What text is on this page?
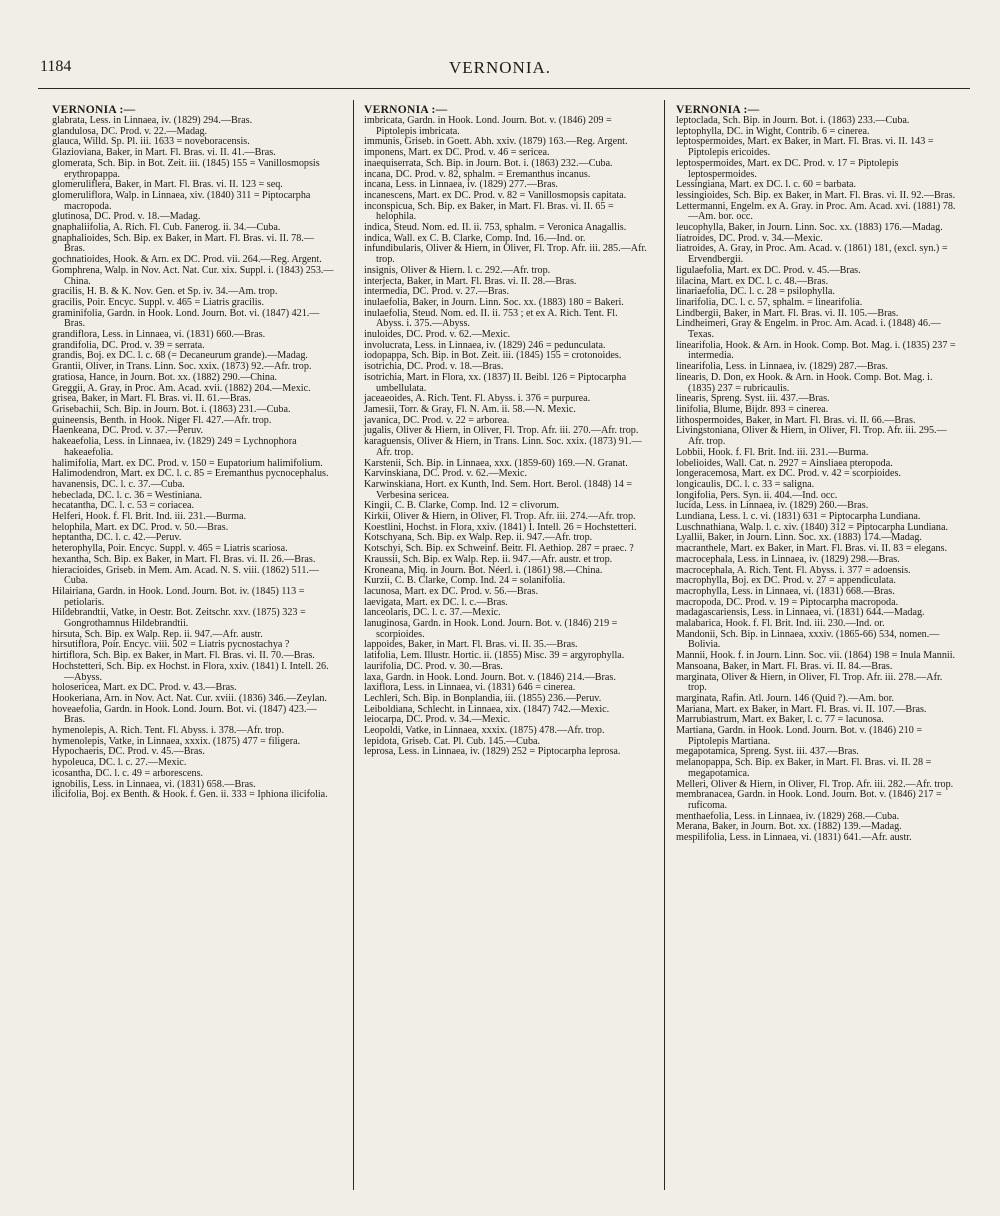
1184	VERNONIA.
VERNONIA :—

glabrata, Less. in Linnaea, iv. (1829) 294.—Bras.

glandulosa, DC. Prod. v. 22.—Madag.

glauca, Willd. Sp. Pl. iii. 1633 = noveboracensis.

Glazioviana, Baker, in Mart. Fl. Bras. vi. II. 41.—Bras.

glomerata, Sch. Bip. in Bot. Zeit. iii. (1845) 155 = Vanillosmopsis erythropappa.

glomeruliflera, Baker, in Mart. Fl. Bras. vi. II. 123 = seq.

glomeruliflora, Walp. in Linnaea, xiv. (1840) 311 = Piptocarpha macropoda.

glutinosa, DC. Prod. v. 18.—Madag.

gnaphaliifolia, A. Rich. Fl. Cub. Fanerog. ii. 34.—Cuba.

gnaphalioides, Sch. Bip. ex Baker, in Mart. Fl. Bras. vi. II. 78.—Bras.

gochnatioides, Hook. & Arn. ex DC. Prod. vii. 264.—Reg. Argent.

Gomphrena, Walp. in Nov. Act. Nat. Cur. xix. Suppl. i. (1843) 253.—China.

gracilis, H. B. & K. Nov. Gen. et Sp. iv. 34.—Am. trop.

gracilis, Poir. Encyc. Suppl. v. 465 = Liatris gracilis.

graminifolia, Gardn. in Hook. Lond. Journ. Bot. vi. (1847) 421.—Bras.

grandiflora, Less. in Linnaea, vi. (1831) 660.—Bras.

grandifolia, DC. Prod. v. 39 = serrata.

grandis, Boj. ex DC. l. c. 68 (= Decaneurum grande).—Madag.

Grantii, Oliver, in Trans. Linn. Soc. xxix. (1873) 92.—Afr. trop.

gratiosa, Hance, in Journ. Bot. xx. (1882) 290.—China.

Greggii, A. Gray, in Proc. Am. Acad. xvii. (1882) 204.—Mexic.

grisea, Baker, in Mart. Fl. Bras. vi. II. 61.—Bras.

Grisebachii, Sch. Bip. in Journ. Bot. i. (1863) 231.—Cuba.

guineensis, Benth. in Hook. Niger Fl. 427.—Afr. trop.

Haenkeana, DC. Prod. v. 37.—Peruv.

hakeaefolia, Less. in Linnaea, iv. (1829) 249 = Lychnophora hakeaefolia.

halimifolia, Mart. ex DC. Prod. v. 150 = Eupatorium halimifolium.

Halimodendron, Mart. ex DC. l. c. 85 = Eremanthus pycnocephalus.

havanensis, DC. l. c. 37.—Cuba.

hebeclada, DC. l. c. 36 = Westiniana.

hecatantha, DC. l. c. 53 = coriacea.

Helferi, Hook. f. Fl. Brit. Ind. iii. 231.—Burma.

helophila, Mart. ex DC. Prod. v. 50.—Bras.

heptantha, DC. l. c. 42.—Peruv.

heterophylla, Poir. Encyc. Suppl. v. 465 = Liatris scariosa.

hexantha, Sch. Bip. ex Baker, in Mart. Fl. Bras. vi. II. 26.—Bras.

hieracioides, Griseb. in Mem. Am. Acad. N. S. viii. (1862) 511.—Cuba.

Hilairiana, Gardn. in Hook. Lond. Journ. Bot. iv. (1845) 113 = petiolaris.

Hildebrandtii, Vatke, in Oestr. Bot. Zeitschr. xxv. (1875) 323 = Gongrothamnus Hildebrandtii.

hirsuta, Sch. Bip. ex Walp. Rep. ii. 947.—Afr. austr.

hirsutiflora, Poir. Encyc. viii. 502 = Liatris pycnostachya ?

hirtiflora, Sch. Bip. ex Baker, in Mart. Fl. Bras. vi. II. 70.—Bras.

Hochstetteri, Sch. Bip. ex Hochst. in Flora, xxiv. (1841) I. Intell. 26.—Abyss.

holosericea, Mart. ex DC. Prod. v. 43.—Bras.

Hookeriana, Arn. in Nov. Act. Nat. Cur. xviii. (1836) 346.—Zeylan.

hoveaefolia, Gardn. in Hook. Lond. Journ. Bot. vi. (1847) 423.—Bras.

hymenolepis, A. Rich. Tent. Fl. Abyss. i. 378.—Afr. trop.

hymenolepis, Vatke, in Linnaea, xxxix. (1875) 477 = filigera.

Hypochaeris, DC. Prod. v. 45.—Bras.

hypoleuca, DC. l. c. 27.—Mexic.

icosantha, DC. l. c. 49 = arborescens.

ignobilis, Less. in Linnaea, vi. (1831) 658.—Bras.

ilicifolia, Boj. ex Benth. & Hook. f. Gen. ii. 333 = Iphiona ilicifolia.

VERNONIA :—

imbricata, Gardn. in Hook. Lond. Journ. Bot. v. (1846) 209 = Piptolepis imbricata.

immunis, Griseb. in Goett. Abh. xxiv. (1879) 163.—Reg. Argent.

imponens, Mart. ex DC. Prod. v. 46 = sericea.

inaequiserrata, Sch. Bip. in Journ. Bot. i. (1863) 232.—Cuba.

incana, DC. Prod. v. 82, sphalm. = Eremanthus incanus.

incana, Less. in Linnaea, iv. (1829) 277.—Bras.

incanescens, Mart. ex DC. Prod. v. 82 = Vanillosmopsis capitata.

inconspicua, Sch. Bip. ex Baker, in Mart. Fl. Bras. vi. II. 65 = helophila.

indica, Steud. Nom. ed. II. ii. 753, sphalm. = Veronica Anagallis.

indica, Wall. ex C. B. Clarke, Comp. Ind. 16.—Ind. or.

infundibularis, Oliver & Hiern, in Oliver, Fl. Trop. Afr. iii. 285.—Afr. trop.

insignis, Oliver & Hiern. l. c. 292.—Afr. trop.

interjecta, Baker, in Mart. Fl. Bras. vi. II. 28.—Bras.

intermedia, DC. Prod. v. 27.—Bras.

inulaefolia, Baker, in Journ. Linn. Soc. xx. (1883) 180 = Bakeri.

inulaefolia, Steud. Nom. ed. II. ii. 753 ; et ex A. Rich. Tent. Fl. Abyss. i. 375.—Abyss.

inuloides, DC. Prod. v. 62.—Mexic.

involucrata, Less. in Linnaea, iv. (1829) 246 = pedunculata.

iodopappa, Sch. Bip. in Bot. Zeit. iii. (1845) 155 = crotonoides.

isotrichia, DC. Prod. v. 18.—Bras.

isotrichia, Mart. in Flora, xx. (1837) II. Beibl. 126 = Piptocarpha umbellulata.

jaceaeoides, A. Rich. Tent. Fl. Abyss. i. 376 = purpurea.

Jamesii, Torr. & Gray, Fl. N. Am. ii. 58.—N. Mexic.

javanica, DC. Prod. v. 22 = arborea.

jugalis, Oliver & Hiern, in Oliver, Fl. Trop. Afr. iii. 270.—Afr. trop.

karaguensis, Oliver & Hiern, in Trans. Linn. Soc. xxix. (1873) 91.—Afr. trop.

Karstenii, Sch. Bip. in Linnaea, xxx. (1859-60) 169.—N. Granat.

Karvinskiana, DC. Prod. v. 62.—Mexic.

Karwinskiana, Hort. ex Kunth, Ind. Sem. Hort. Berol. (1848) 14 = Verbesina sericea.

Kingii, C. B. Clarke, Comp. Ind. 12 = clivorum.

Kirkii, Oliver & Hiern, in Oliver, Fl. Trop. Afr. iii. 274.—Afr. trop.

Koestlini, Hochst. in Flora, xxiv. (1841) I. Intell. 26 = Hochstetteri.

Kotschyana, Sch. Bip. ex Walp. Rep. ii. 947.—Afr. trop.

Kotschyi, Sch. Bip. ex Schweinf. Beitr. Fl. Aethiop. 287 = praec. ?

Kraussii, Sch. Bip. ex Walp. Rep. ii. 947.—Afr. austr. et trop.

Kroneana, Miq. in Journ. Bot. Néerl. i. (1861) 98.—China.

Kurzii, C. B. Clarke, Comp. Ind. 24 = solanifolia.

lacunosa, Mart. ex DC. Prod. v. 56.—Bras.

laevigata, Mart. ex DC. l. c.—Bras.

lanceolaris, DC. l. c. 37.—Mexic.

lanuginosa, Gardn. in Hook. Lond. Journ. Bot. v. (1846) 219 = scorpioides.

lappoides, Baker, in Mart. Fl. Bras. vi. II. 35.—Bras.

latifolia, Lem. Illustr. Hortic. ii. (1855) Misc. 39 = argyrophylla.

laurifolia, DC. Prod. v. 30.—Bras.

laxa, Gardn. in Hook. Lond. Journ. Bot. v. (1846) 214.—Bras.

laxiflora, Less. in Linnaea, vi. (1831) 646 = cinerea.

Lechleri, Sch. Bip. in Bonplandia, iii. (1855) 236.—Peruv.

Leiboldiana, Schlecht. in Linnaea, xix. (1847) 742.—Mexic.

leiocarpa, DC. Prod. v. 34.—Mexic.

Leopoldi, Vatke, in Linnaea, xxxix. (1875) 478.—Afr. trop.

lepidota, Griseb. Cat. Pl. Cub. 145.—Cuba.

leprosa, Less. in Linnaea, iv. (1829) 252 = Piptocarpha leprosa.

VERNONIA :—

leptoclada, Sch. Bip. in Journ. Bot. i. (1863) 233.—Cuba.

leptophylla, DC. in Wight, Contrib. 6 = cinerea.

leptospermoides, Mart. ex Baker, in Mart. Fl. Bras. vi. II. 143 = Piptolepis ericoides.

leptospermoides, Mart. ex DC. Prod. v. 17 = Piptolepis leptospermoides.

Lessingiana, Mart. ex DC. l. c. 60 = barbata.

lessingioides, Sch. Bip. ex Baker, in Mart. Fl. Bras. vi. II. 92.—Bras.

Lettermanni, Engelm. ex A. Gray. in Proc. Am. Acad. xvi. (1881) 78.—Am. bor. occ.

leucophylla, Baker, in Journ. Linn. Soc. xx. (1883) 176.—Madag.

liatroides, DC. Prod. v. 34.—Mexic.

liatroides, A. Gray, in Proc. Am. Acad. v. (1861) 181, (excl. syn.) = Ervendbergii.

ligulaefolia, Mart. ex DC. Prod. v. 45.—Bras.

lilacina, Mart. ex DC. l. c. 48.—Bras.

linariaefolia, DC. l. c. 28 = psilophylla.

linarifolia, DC. l. c. 57, sphalm. = linearifolia.

Lindbergii, Baker, in Mart. Fl. Bras. vi. II. 105.—Bras.

Lindheimeri, Gray & Engelm. in Proc. Am. Acad. i. (1848) 46.—Texas.

linearifolia, Hook. & Arn. in Hook. Comp. Bot. Mag. i. (1835) 237 = intermedia.

linearifolia, Less. in Linnaea, iv. (1829) 287.—Bras.

linearis, D. Don, ex Hook. & Arn. in Hook. Comp. Bot. Mag. i. (1835) 237 = rubricaulis.

linearis, Spreng. Syst. iii. 437.—Bras.

linifolia, Blume, Bijdr. 893 = cinerea.

lithospermoides, Baker, in Mart. Fl. Bras. vi. II. 66.—Bras.

Livingstoniana, Oliver & Hiern, in Oliver, Fl. Trop. Afr. iii. 295.—Afr. trop.

Lobbii, Hook. f. Fl. Brit. Ind. iii. 231.—Burma.

lobelioides, Wall. Cat. n. 2927 = Ainsliaea pteropoda.

longeracemosa, Mart. ex DC. Prod. v. 42 = scorpioides.

longicaulis, DC. l. c. 33 = saligna.

longifolia, Pers. Syn. ii. 404.—Ind. occ.

lucida, Less. in Linnaea, iv. (1829) 260.—Bras.

Lundiana, Less. l. c. vi. (1831) 631 = Piptocarpha Lundiana.

Luschnathiana, Walp. l. c. xiv. (1840) 312 = Piptocarpha Lundiana.

Lyallii, Baker, in Journ. Linn. Soc. xx. (1883) 174.—Madag.

macranthele, Mart. ex Baker, in Mart. Fl. Bras. vi. II. 83 = elegans.

macrocephala, Less. in Linnaea, iv. (1829) 298.—Bras.

macrocephala, A. Rich. Tent. Fl. Abyss. i. 377 = adoensis.

macrophylla, Boj. ex DC. Prod. v. 27 = appendiculata.

macrophylla, Less. in Linnaea, vi. (1831) 668.—Bras.

macropoda, DC. Prod. v. 19 = Piptocarpha macropoda.

madagascariensis, Less. in Linnaea, vi. (1831) 644.—Madag.

malabarica, Hook. f. Fl. Brit. Ind. iii. 230.—Ind. or.

Mandonii, Sch. Bip. in Linnaea, xxxiv. (1865-66) 534, nomen.—Bolivia.

Mannii, Hook. f. in Journ. Linn. Soc. vii. (1864) 198 = Inula Mannii.

Mansoana, Baker, in Mart. Fl. Bras. vi. II. 84.—Bras.

marginata, Oliver & Hiern, in Oliver, Fl. Trop. Afr. iii. 278.—Afr. trop.

marginata, Rafin. Atl. Journ. 146 (Quid ?).—Am. bor.

Mariana, Mart. ex Baker, in Mart. Fl. Bras. vi. II. 107.—Bras.

Marrubiastrum, Mart. ex Baker, l. c. 77 = lacunosa.

Martiana, Gardn. in Hook. Lond. Journ. Bot. v. (1846) 210 = Piptolepis Martiana.

megapotamica, Spreng. Syst. iii. 437.—Bras.

melanopappa, Sch. Bip. ex Baker, in Mart. Fl. Bras. vi. II. 28 = megapotamica.

Melleri, Oliver & Hiern, in Oliver, Fl. Trop. Afr. iii. 282.—Afr. trop.

membranacea, Gardn. in Hook. Lond. Journ. Bot. v. (1846) 217 = ruficoma.

menthaefolia, Less. in Linnaea, iv. (1829) 268.—Cuba.

Merana, Baker, in Journ. Bot. xx. (1882) 139.—Madag.

mespilifolia, Less. in Linnaea, vi. (1831) 641.—Afr. austr.
